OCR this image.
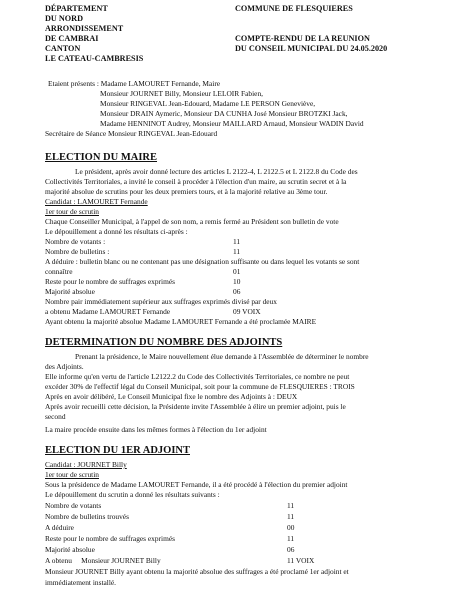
DÉPARTEMENT
DU NORD
ARRONDISSEMENT
DE CAMBRAI
CANTON
LE CATEAU-CAMBRESIS
COMMUNE DE FLESQUIERES
COMPTE-RENDU DE LA REUNION
DU CONSEIL MUNICIPAL DU 24.05.2020
Etaient présents : Madame LAMOURET Fernande, Maire
Monsieur JOURNET Billy, Monsieur LELOIR Fabien,
Monsieur RINGEVAL Jean-Edouard, Madame LE PERSON Geneviève,
Monsieur DRAIN Aymeric, Monsieur DA CUNHA José Monsieur BROTZKI Jack,
Madame HENNINOT Audrey, Monsieur MAILLARD Arnaud, Monsieur WADIN David
Secrétaire de Séance Monsieur RINGEVAL Jean-Edouard
ELECTION DU MAIRE
Le président, après avoir donné lecture des articles L 2122-4, L 2122.5 et L 2122.8 du Code des
Collectivités Territoriales, a invité le conseil à procéder à l'élection d'un maire, au scrutin secret et à la
majorité absolue de scrutins pour les deux premiers tours, et à la majorité relative au 3ème tour.
Candidat : LAMOURET Fernande
1er tour de scrutin
Chaque Conseiller Municipal, à l'appel de son nom, a remis fermé au Président son bulletin de vote
Le dépouillement a donné les résultats ci-après :
Nombre de votants :	11
Nombre de bulletins :	11
A déduire : bulletin blanc ou ne contenant pas une désignation suffisante ou dans lequel les votants se sont
connaître	01
Reste pour le nombre de suffrages exprimés	10
Majorité absolue	06
Nombre pair immédiatement supérieur aux suffrages exprimés divisé par deux
a obtenu Madame LAMOURET Fernande	09 VOIX
Ayant obtenu la majorité absolue Madame LAMOURET Fernande a été proclamée MAIRE
DETERMINATION DU NOMBRE DES ADJOINTS
Prenant la présidence, le Maire nouvellement élue demande à l'Assemblée de déterminer le nombre
des Adjoints.
Elle informe qu'en vertu de l'article L2122.2 du Code des Collectivités Territoriales, ce nombre ne peut
excéder 30% de l'effectif légal du Conseil Municipal, soit pour la commune de FLESQUIERES : TROIS
Après en avoir délibéré, Le Conseil Municipal fixe le nombre des Adjoints à : DEUX
Après avoir recueilli cette décision, la Présidente invite l'Assemblée à élire un premier adjoint, puis le
second
La maire procède ensuite dans les mêmes formes à l'élection du 1er adjoint
ELECTION DU 1ER ADJOINT
Candidat : JOURNET Billy
1er tour de scrutin
Sous la présidence de Madame LAMOURET Fernande, il a été procédé à l'élection du premier adjoint
Le dépouillement du scrutin a donné les résultats suivants :
Nombre de votants	11
Nombre de bulletins trouvés	11
A déduire	00
Reste pour le nombre de suffrages exprimés	11
Majorité absolue	06
A obtenu     Monsieur JOURNET Billy	11 VOIX
Monsieur JOURNET Billy ayant obtenu la majorité absolue des suffrages a été proclamé 1er adjoint et
immédiatement installé.
